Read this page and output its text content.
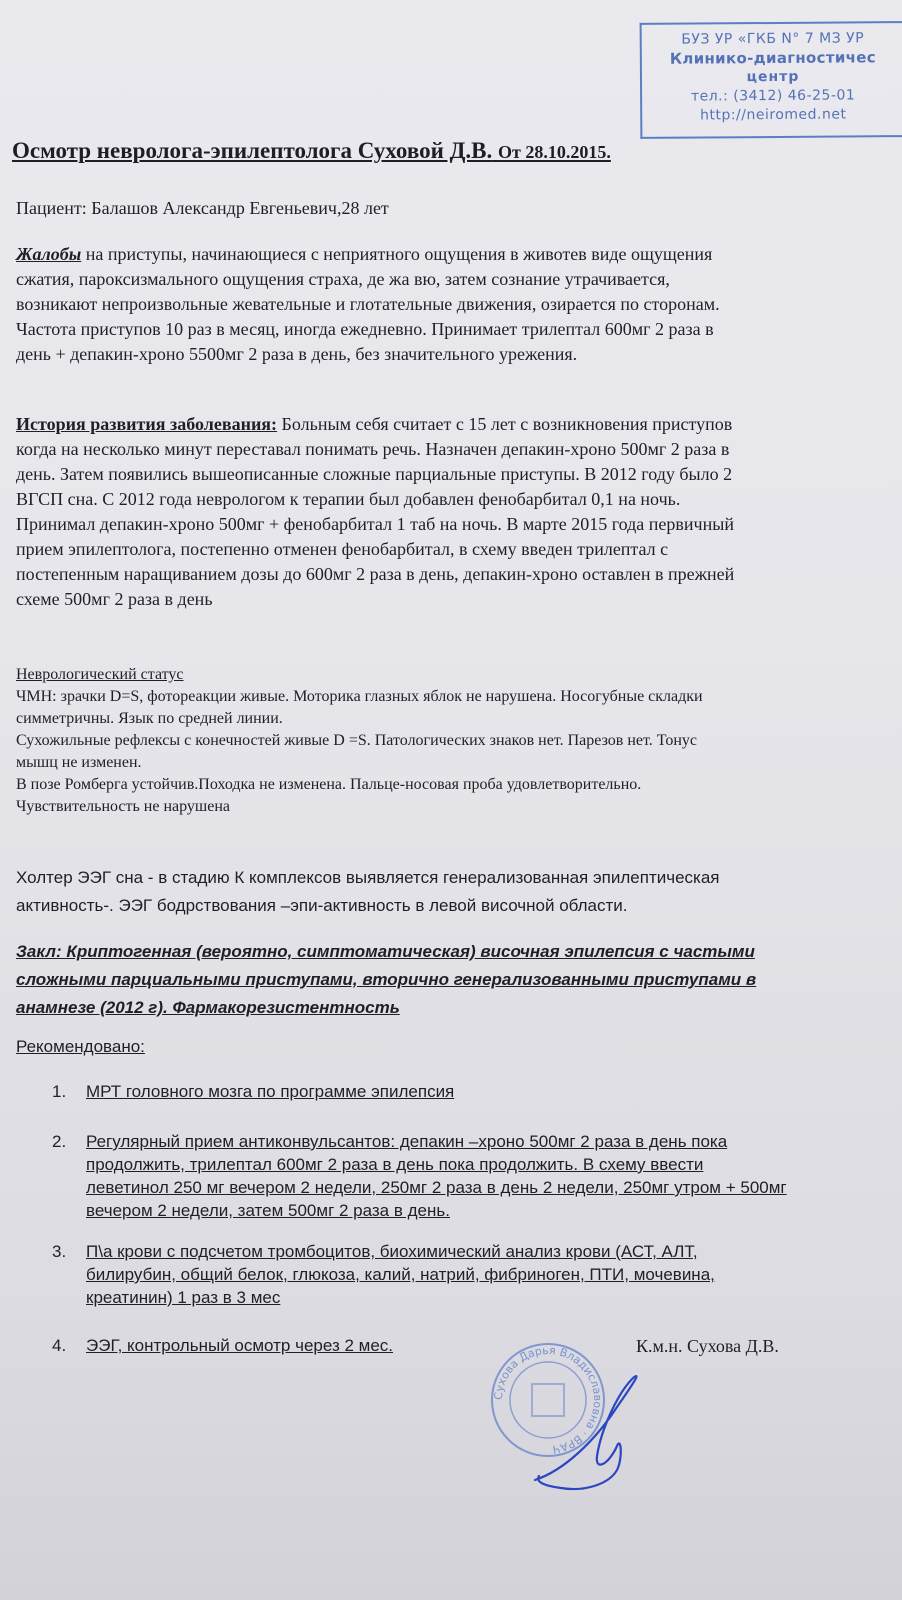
БУЗ УР «ГКБ N° 7 МЗ УР
Клинико-диагностичес
центр
тел.: (3412) 46-25-01
http://neiromed.net
Осмотр невролога-эпилептолога Суховой Д.В. От 28.10.2015.
Пациент: Балашов Александр Евгеньевич,28 лет
Жалобы на приступы, начинающиеся с неприятного ощущения в животев виде ощущения
сжатия, пароксизмального ощущения страха, де жа вю, затем сознание утрачивается,
возникают непроизвольные жевательные и глотательные движения, озирается по сторонам.
Частота приступов 10 раз в месяц, иногда ежедневно. Принимает трилептал 600мг 2 раза в
день + депакин-хроно 5500мг 2 раза в день, без значительного урежения.
История развития заболевания: Больным себя считает с 15 лет с возникновения приступов
когда на несколько минут переставал понимать речь. Назначен депакин-хроно 500мг 2 раза в
день. Затем появились вышеописанные сложные парциальные приступы. В 2012 году было 2
ВГСП сна. С 2012 года неврологом к терапии был добавлен фенобарбитал 0,1 на ночь.
Принимал депакин-хроно 500мг + фенобарбитал 1 таб на ночь. В марте 2015 года первичный
прием эпилептолога, постепенно отменен фенобарбитал, в схему введен трилептал с
постепенным наращиванием дозы до 600мг 2 раза в день, депакин-хроно оставлен в прежней
схеме 500мг 2 раза в день
Неврологический статус
ЧМН: зрачки D=S, фотореакции живые. Моторика глазных яблок не нарушена. Носогубные складки
симметричны. Язык по средней линии.
Сухожильные рефлексы с конечностей живые D =S. Патологических знаков нет. Парезов нет. Тонус
мышц не изменен.
В позе Ромберга устойчив.Походка не изменена. Пальце-носовая проба удовлетворительно.
Чувствительность не нарушена
Холтер ЭЭГ сна - в стадию К комплексов выявляется генерализованная эпилептическая
активность-. ЭЭГ бодрствования –эпи-активность в левой височной области.
Закл: Криптогенная (вероятно, симптоматическая) височная эпилепсия с частыми
сложными парциальными приступами, вторично генерализованными приступами в
анамнезе (2012 г). Фармакорезистентность
Рекомендовано:
1. МРТ головного мозга по программе эпилепсия
2. Регулярный прием антиконвульсантов: депакин –хроно 500мг 2 раза в день пока
продолжить, трилептал 600мг 2 раза в день пока продолжить. В схему ввести
леветинол 250 мг вечером 2 недели, 250мг 2 раза в день 2 недели, 250мг утром + 500мг
вечером 2 недели, затем 500мг 2 раза в день.
3. П\а крови с подсчетом тромбоцитов, биохимический анализ крови (АСТ, АЛТ,
билирубин, общий белок, глюкоза, калий, натрий, фибриноген, ПТИ, мочевина,
креатинин) 1 раз в 3 мес
4. ЭЭГ, контрольный осмотр через 2 мес.	К.м.н. Сухова Д.В.
Сухова Дарья Владиславовна · ВРАЧ
